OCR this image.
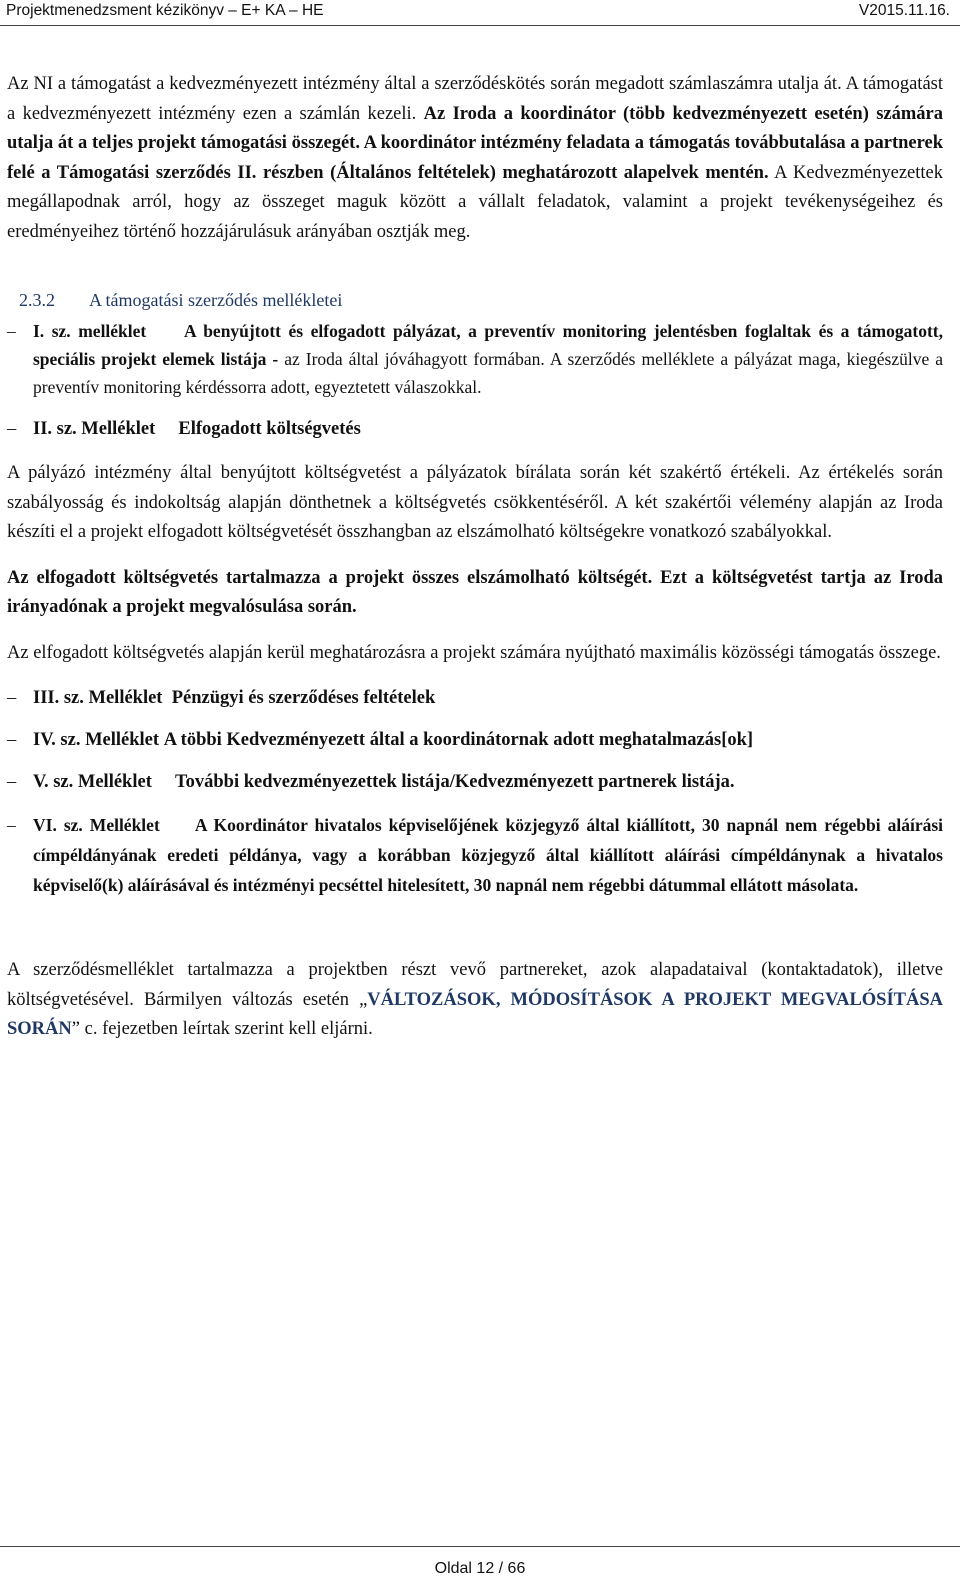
Projektmenedzsment kézikönyv – E+ KA – HE	V2015.11.16.

Az NI a támogatást a kedvezményezett intézmény által a szerződéskötés során megadott számlaszámra utalja át. A támogatást a kedvezményezett intézmény ezen a számlán kezeli. Az Iroda a koordinátor (több kedvezményezett esetén) számára utalja át a teljes projekt támogatási összegét. A koordinátor intézmény feladata a támogatás továbbutalása a partnerek felé a Támogatási szerződés II. részben (Általános feltételek) meghatározott alapelvek mentén. A Kedvezményezettek megállapodnak arról, hogy az összeget maguk között a vállalt feladatok, valamint a projekt tevékenységeihez és eredményeihez történő hozzájárulásuk arányában osztják meg.

2.3.2 A támogatási szerződés mellékletei
– I. sz. melléklet A benyújtott és elfogadott pályázat, a preventív monitoring jelentésben foglaltak és a támogatott, speciális projekt elemek listája - az Iroda által jóváhagyott formában. A szerződés melléklete a pályázat maga, kiegészülve a preventív monitoring kérdéssorra adott, egyeztetett válaszokkal.
– II. sz. Melléklet Elfogadott költségvetés

A pályázó intézmény által benyújtott költségvetést a pályázatok bírálata során két szakértő értékeli. Az értékelés során szabályosság és indokoltság alapján dönthetnek a költségvetés csökkentéséről. A két szakértői vélemény alapján az Iroda készíti el a projekt elfogadott költségvetését összhangban az elszámolható költségekre vonatkozó szabályokkal.

Az elfogadott költségvetés tartalmazza a projekt összes elszámolható költségét. Ezt a költségvetést tartja az Iroda irányadónak a projekt megvalósulása során.

Az elfogadott költségvetés alapján kerül meghatározásra a projekt számára nyújtható maximális közösségi támogatás összege.

– III. sz. Melléklet Pénzügyi és szerződéses feltételek
– IV. sz. Melléklet A többi Kedvezményezett által a koordinátornak adott meghatalmazás[ok]
– V. sz. Melléklet További kedvezményezettek listája/Kedvezményezett partnerek listája.
– VI. sz. Melléklet A Koordinátor hivatalos képviselőjének közjegyző által kiállított, 30 napnál nem régebbi aláírási címpéldányának eredeti példánya, vagy a korábban közjegyző által kiállított aláírási címpéldánynak a hivatalos képviselő(k) aláírásával és intézményi pecséttel hitelesített, 30 napnál nem régebbi dátummal ellátott másolata.

A szerződésmelléklet tartalmazza a projektben részt vevő partnereket, azok alapadataival (kontaktadatok), illetve költségvetésével. Bármilyen változás esetén „VÁLTOZÁSOK, MÓDOSÍTÁSOK A PROJEKT MEGVALÓSÍTÁSA SORÁN” c. fejezetben leírtak szerint kell eljárni.

Oldal 12 / 66
